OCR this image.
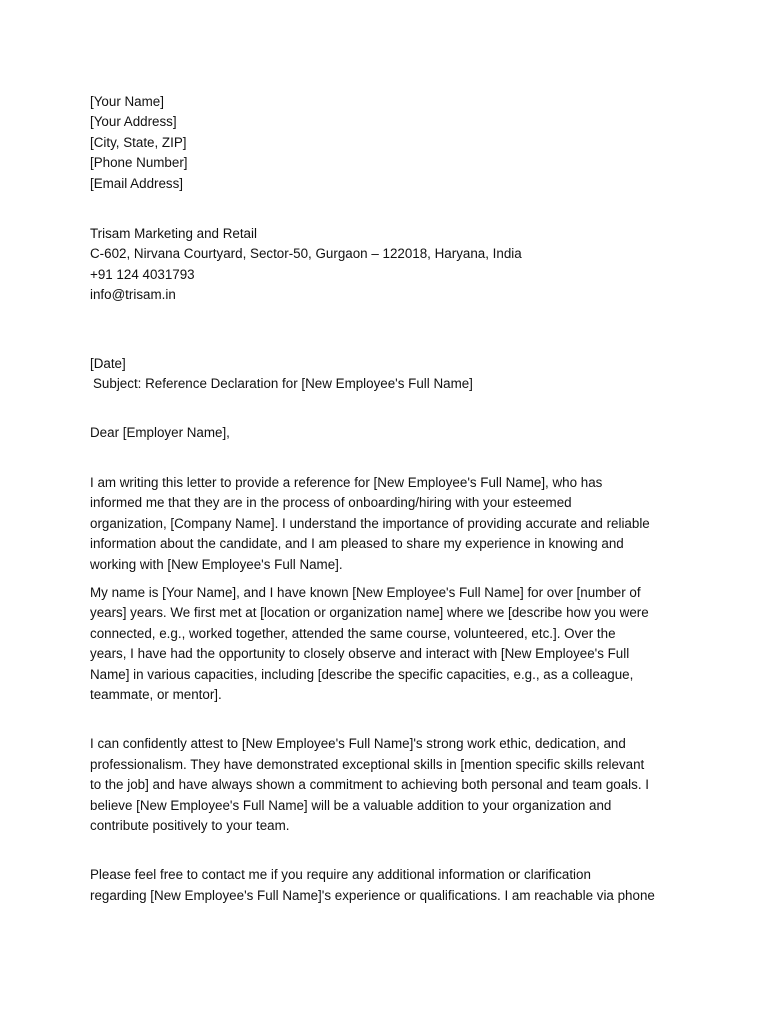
[Your Name]
[Your Address]
[City, State, ZIP]
[Phone Number]
[Email Address]
Trisam Marketing and Retail
C-602, Nirvana Courtyard, Sector-50, Gurgaon – 122018, Haryana, India
+91 124 4031793
info@trisam.in
[Date]
Subject: Reference Declaration for [New Employee's Full Name]
Dear [Employer Name],
I am writing this letter to provide a reference for [New Employee's Full Name], who has
informed me that they are in the process of onboarding/hiring with your esteemed
organization, [Company Name]. I understand the importance of providing accurate and reliable
information about the candidate, and I am pleased to share my experience in knowing and
working with [New Employee's Full Name].
My name is [Your Name], and I have known [New Employee's Full Name] for over [number of
years] years. We first met at [location or organization name] where we [describe how you were
connected, e.g., worked together, attended the same course, volunteered, etc.]. Over the
years, I have had the opportunity to closely observe and interact with [New Employee's Full
Name] in various capacities, including [describe the specific capacities, e.g., as a colleague,
teammate, or mentor].
I can confidently attest to [New Employee's Full Name]'s strong work ethic, dedication, and
professionalism. They have demonstrated exceptional skills in [mention specific skills relevant
to the job] and have always shown a commitment to achieving both personal and team goals. I
believe [New Employee's Full Name] will be a valuable addition to your organization and
contribute positively to your team.
Please feel free to contact me if you require any additional information or clarification
regarding [New Employee's Full Name]'s experience or qualifications. I am reachable via phone
